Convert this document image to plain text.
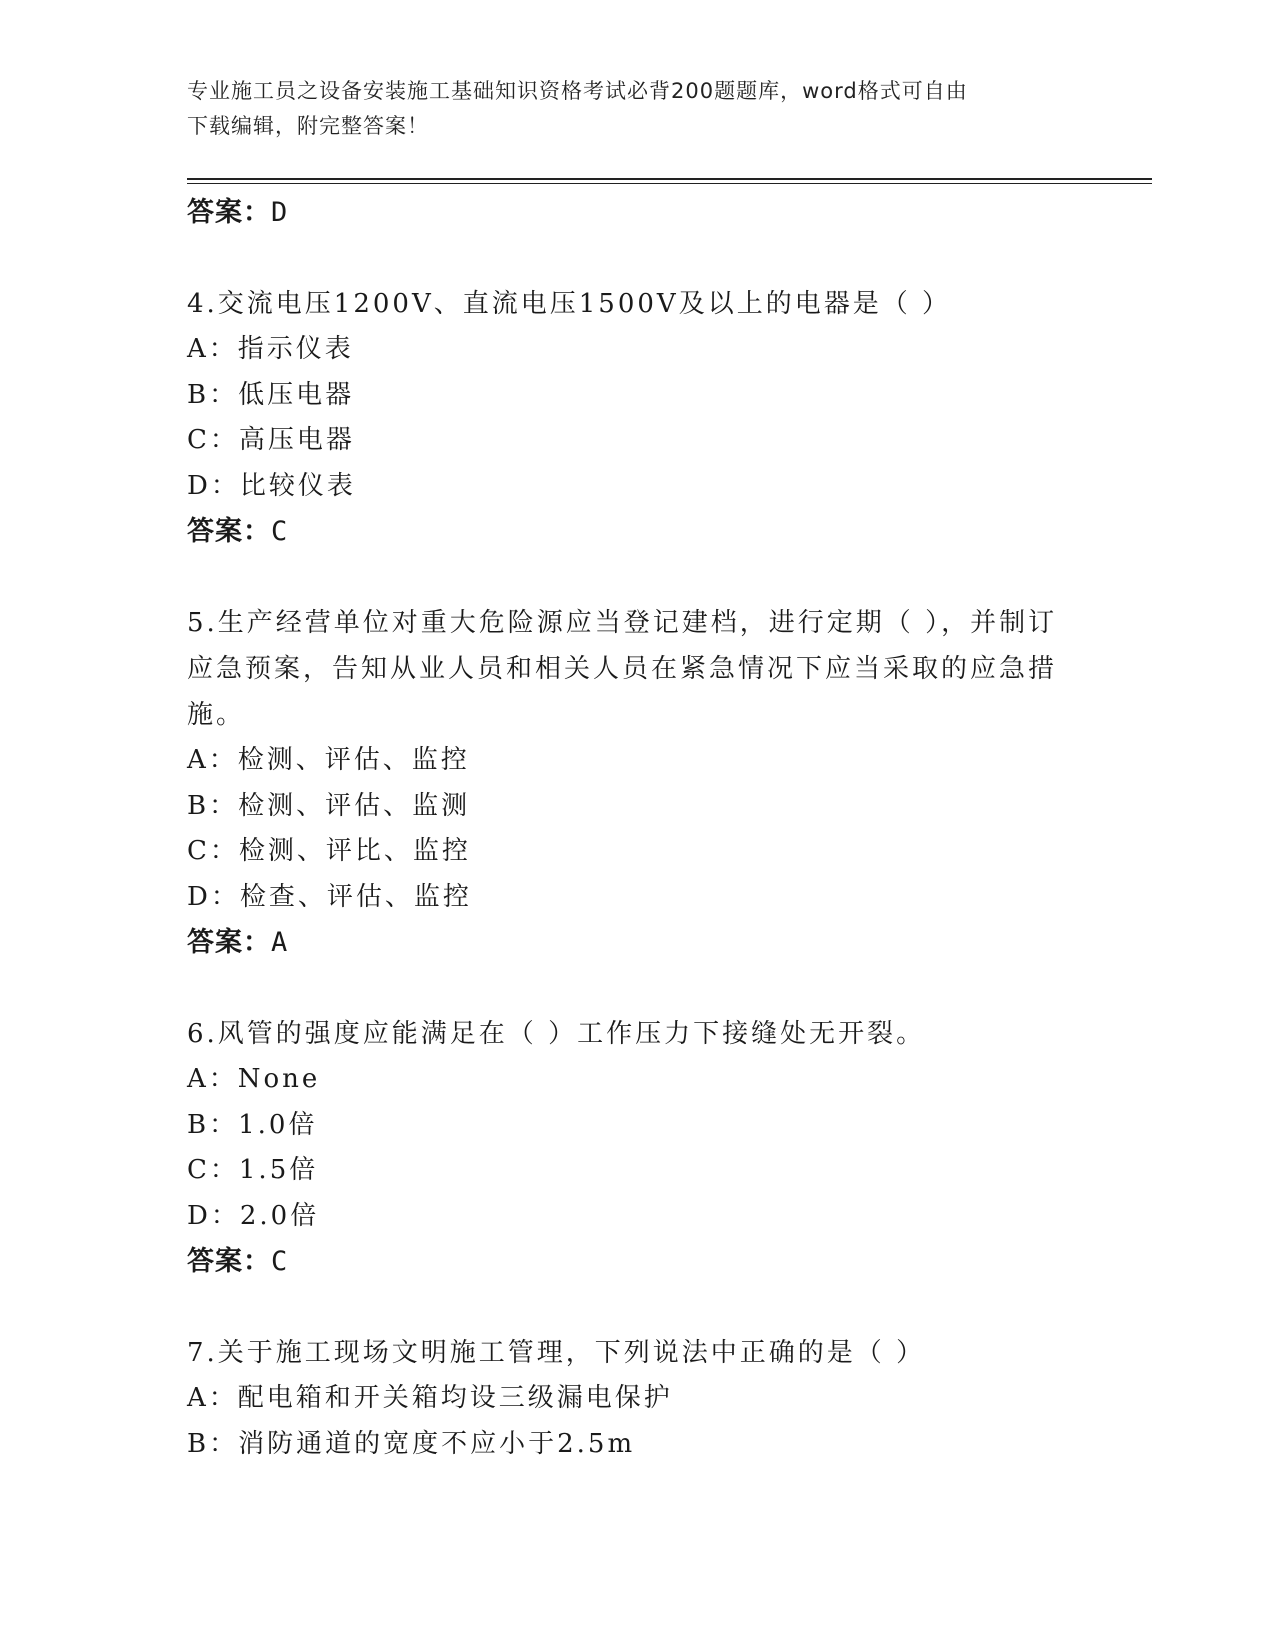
专业施工员之设备安装施工基础知识资格考试必背200题题库，word格式可自由
下载编辑，附完整答案！
答案：D
4.交流电压1200V、直流电压1500V及以上的电器是（ ）
A：指示仪表
B：低压电器
C：高压电器
D：比较仪表
答案：C
5.生产经营单位对重大危险源应当登记建档，进行定期（ ），并制订应急预案，告知从业人员和相关人员在紧急情况下应当采取的应急措施。
A：检测、评估、监控
B：检测、评估、监测
C：检测、评比、监控
D：检查、评估、监控
答案：A
6.风管的强度应能满足在（ ）工作压力下接缝处无开裂。
A：None
B：1.0倍
C：1.5倍
D：2.0倍
答案：C
7.关于施工现场文明施工管理，下列说法中正确的是（ ）
A：配电箱和开关箱均设三级漏电保护
B：消防通道的宽度不应小于2.5m
